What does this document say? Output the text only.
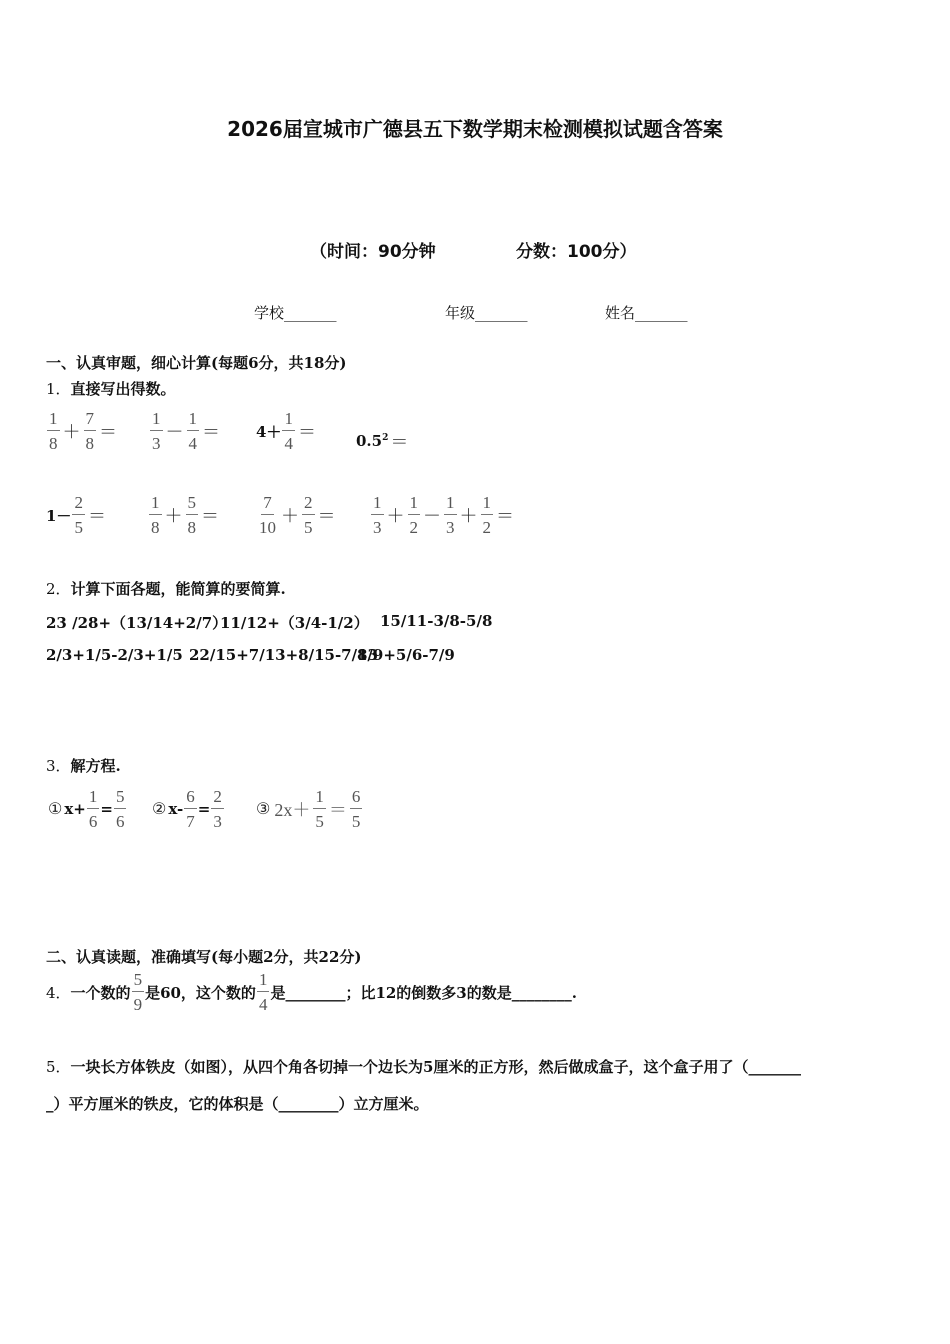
2026届宣城市广德县五下数学期末检测模拟试题含答案
（时间：90分钟	分数：100分）
学校_______	年级_______	姓名_______
一、认真审题，细心计算(每题6分，共18分)
1．直接写出得数。
$\frac{1}{8} + \frac{7}{8} = \frac{1}{3} - \frac{1}{4} = 4+ \frac{1}{4}$ ＝	$0.5^2$ ＝
$1- \frac{2}{5}$ ＝	$\frac{1}{8} + \frac{5}{8} = \frac{7}{10} + \frac{2}{5} = \frac{1}{3} + \frac{1}{2} - \frac{1}{3} + \frac{1}{2}$ ＝
2．计算下面各题，能简算的要简算.
23 /28+（13/14+2/7）
11/12+（3/4-1/2） 15/11-3/8-5/8
2/3+1/5-2/3+1/5 22/15+7/13+8/15-7/13
8/9+5/6-7/9
3．解方程.
① $x+ \frac{1}{6} = \frac{5}{6}$ ② $x- \frac{6}{7} = \frac{2}{3}$ ③ $2x+ \frac{1}{5} = \frac{6}{5}$
二、认真读题，准确填写(每小题2分，共22分)
4． 一个数的 $\frac{5}{9}$ 是60，这个数的 $\frac{1}{4}$ 是________；比12的倒数多3的数是________.
5．一块长方体铁皮（如图），从四个角各切掉一个边长为5厘米的正方形，然后做成盒子，这个盒子用了（_______
_）平方厘米的铁皮，它的体积是（________）立方厘米。
